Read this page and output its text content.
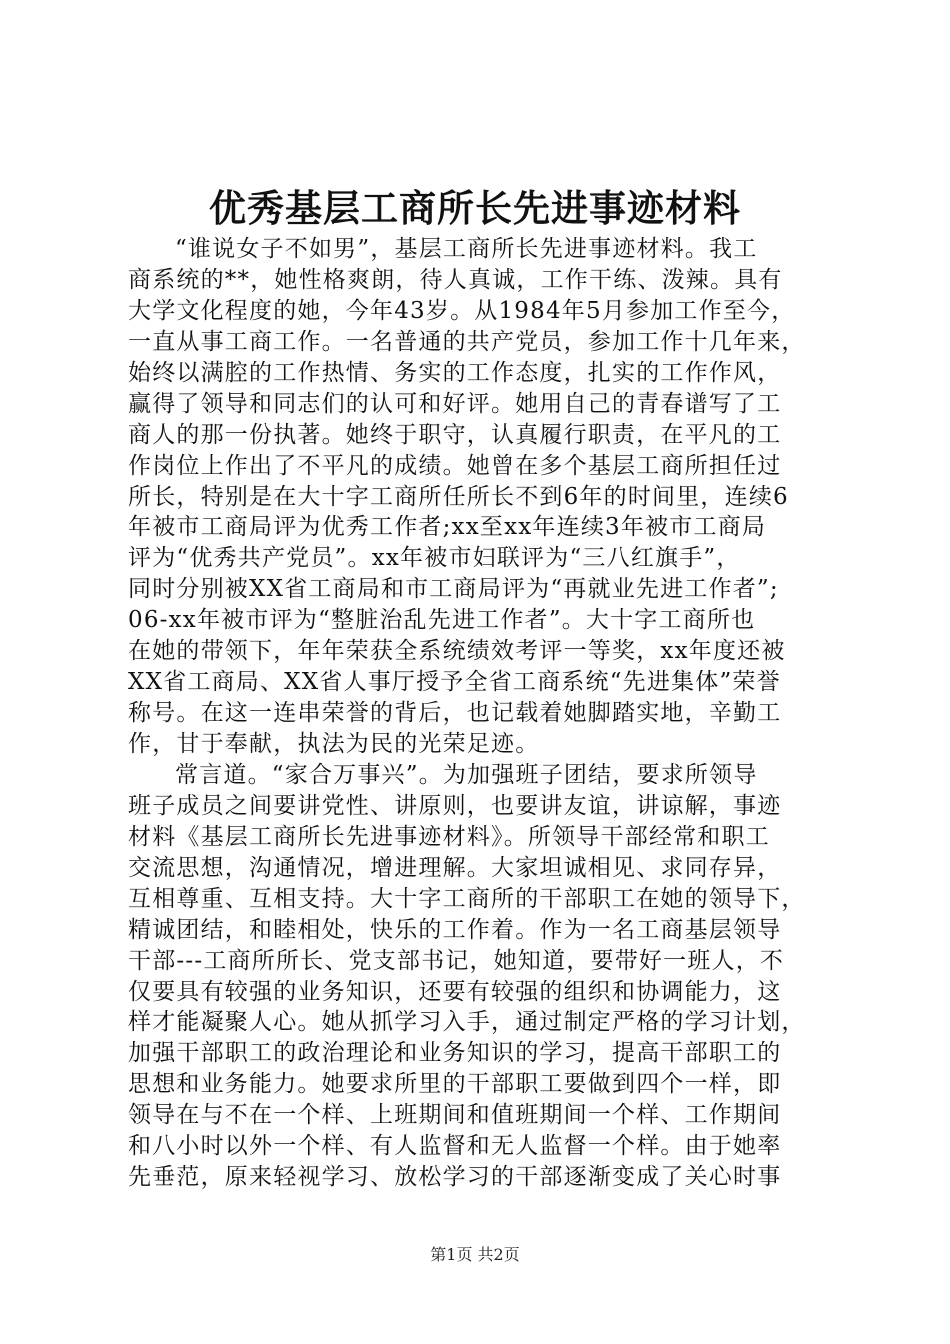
优秀基层工商所长先进事迹材料
“谁说女子不如男”，基层工商所长先进事迹材料。我工
商系统的**，她性格爽朗，待人真诚，工作干练、泼辣。具有
大学文化程度的她，今年43岁。从1984年5月参加工作至今，
一直从事工商工作。一名普通的共产党员，参加工作十几年来，
始终以满腔的工作热情、务实的工作态度，扎实的工作作风，
赢得了领导和同志们的认可和好评。她用自己的青春谱写了工
商人的那一份执著。她终于职守，认真履行职责，在平凡的工
作岗位上作出了不平凡的成绩。她曾在多个基层工商所担任过
所长，特别是在大十字工商所任所长不到6年的时间里，连续6
年被市工商局评为优秀工作者;xx至xx年连续3年被市工商局
评为“优秀共产党员”。xx年被市妇联评为“三八红旗手”，
同时分别被XX省工商局和市工商局评为“再就业先进工作者”;
06-xx年被市评为“整脏治乱先进工作者”。大十字工商所也
在她的带领下，年年荣获全系统绩效考评一等奖，xx年度还被
XX省工商局、XX省人事厅授予全省工商系统“先进集体”荣誉
称号。在这一连串荣誉的背后，也记载着她脚踏实地，辛勤工
作，甘于奉献，执法为民的光荣足迹。
常言道。“家合万事兴”。为加强班子团结，要求所领导
班子成员之间要讲党性、讲原则，也要讲友谊，讲谅解，事迹
材料《基层工商所长先进事迹材料》。所领导干部经常和职工
交流思想，沟通情况，增进理解。大家坦诚相见、求同存异，
互相尊重、互相支持。大十字工商所的干部职工在她的领导下，
精诚团结，和睦相处，快乐的工作着。作为一名工商基层领导
干部---工商所所长、党支部书记，她知道，要带好一班人，不
仅要具有较强的业务知识，还要有较强的组织和协调能力，这
样才能凝聚人心。她从抓学习入手，通过制定严格的学习计划，
加强干部职工的政治理论和业务知识的学习，提高干部职工的
思想和业务能力。她要求所里的干部职工要做到四个一样，即
领导在与不在一个样、上班期间和值班期间一个样、工作期间
和八小时以外一个样、有人监督和无人监督一个样。由于她率
先垂范，原来轻视学习、放松学习的干部逐渐变成了关心时事
第1页 共2页
